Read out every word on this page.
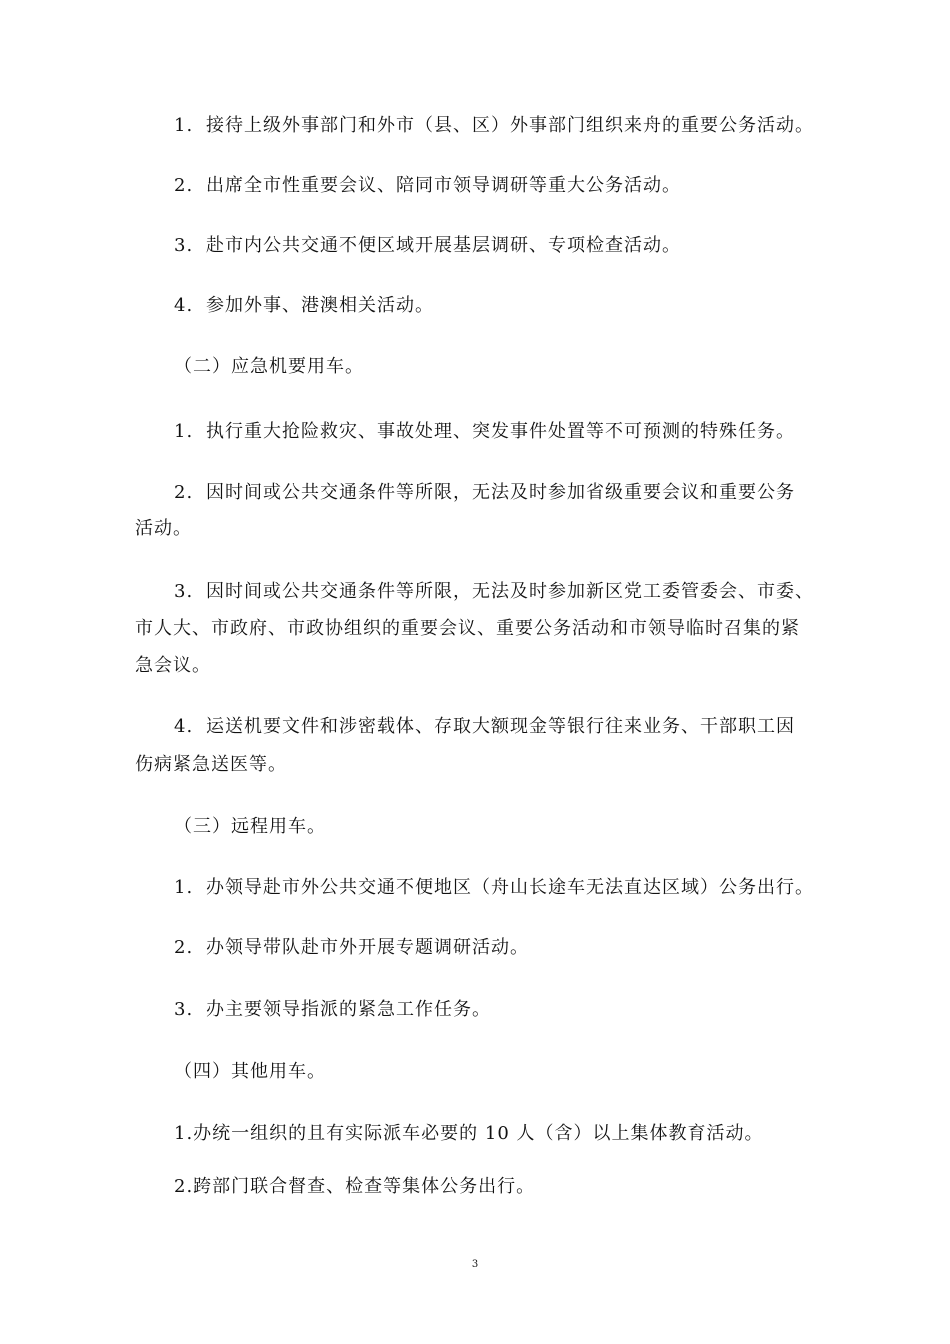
1. 接待上级外事部门和外市（县、区）外事部门组织来舟的重要公务活动。
2. 出席全市性重要会议、陪同市领导调研等重大公务活动。
3. 赴市内公共交通不便区域开展基层调研、专项检查活动。
4. 参加外事、港澳相关活动。
（二）应急机要用车。
1. 执行重大抢险救灾、事故处理、突发事件处置等不可预测的特殊任务。
2. 因时间或公共交通条件等所限，无法及时参加省级重要会议和重要公务
活动。
3. 因时间或公共交通条件等所限，无法及时参加新区党工委管委会、市委、
市人大、市政府、市政协组织的重要会议、重要公务活动和市领导临时召集的紧
急会议。
4. 运送机要文件和涉密载体、存取大额现金等银行往来业务、干部职工因
伤病紧急送医等。
（三）远程用车。
1. 办领导赴市外公共交通不便地区（舟山长途车无法直达区域）公务出行。
2. 办领导带队赴市外开展专题调研活动。
3. 办主要领导指派的紧急工作任务。
（四）其他用车。
1.办统一组织的且有实际派车必要的 10 人（含）以上集体教育活动。
2.跨部门联合督查、检查等集体公务出行。
3
